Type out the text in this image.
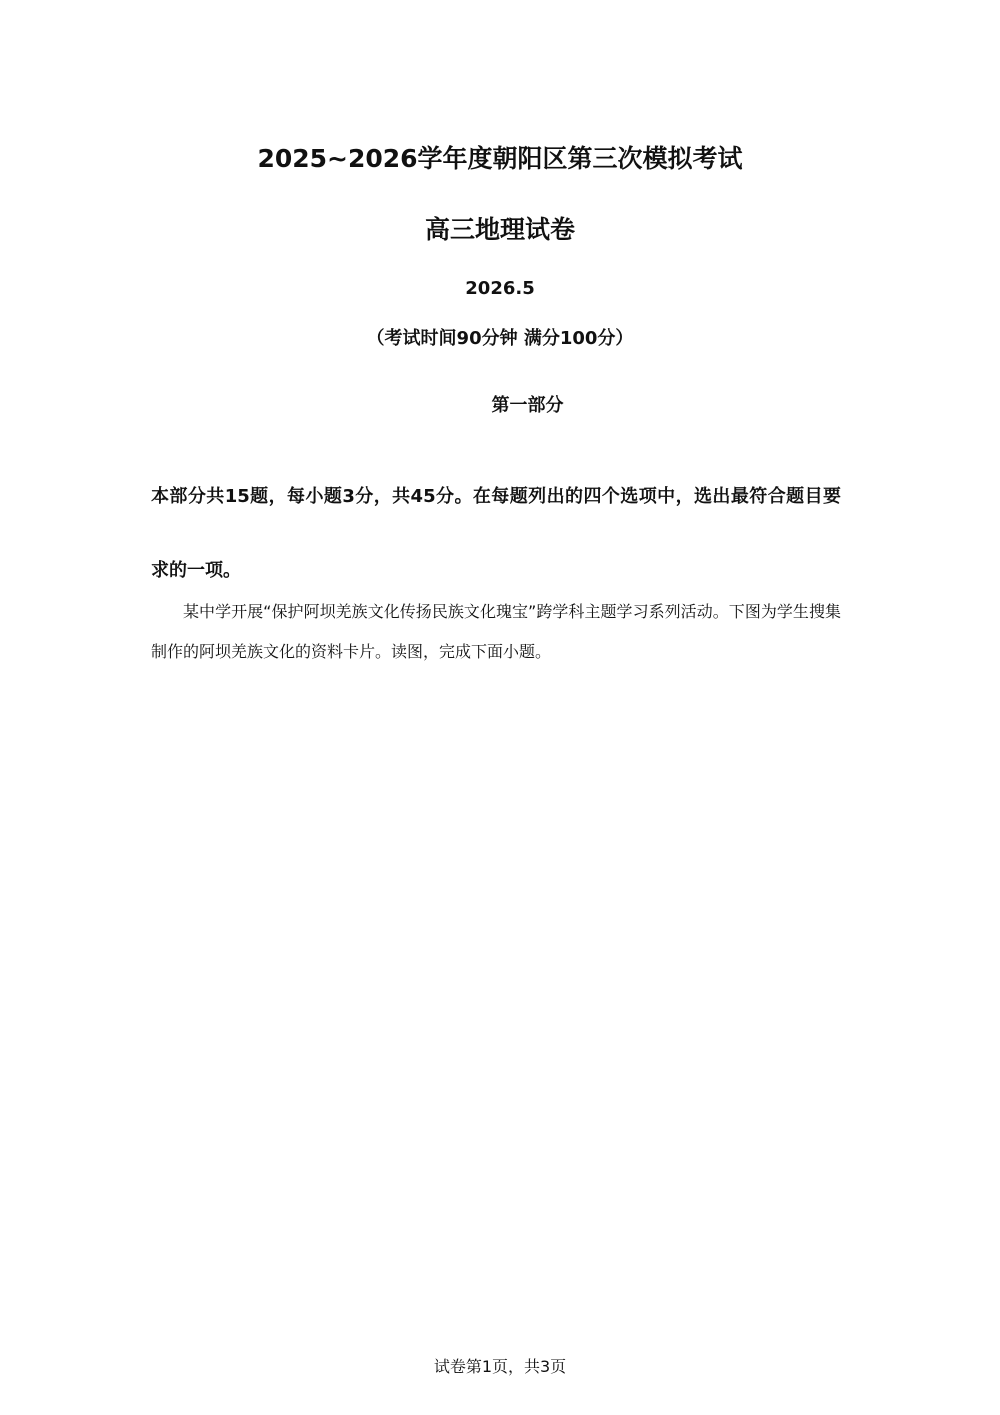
2025~2026学年度朝阳区第三次模拟考试
高三地理试卷
2026.5
（考试时间90分钟 满分100分）
第一部分

本部分共15题，每小题3分，共45分。在每题列出的四个选项中，选出最符合题目要求的一项。

某中学开展“保护阿坝羌族文化传扬民族文化瑰宝”跨学科主题学习系列活动。下图为学生搜集制作的阿坝羌族文化的资料卡片。读图，完成下面小题。

试卷第1页，共3页
